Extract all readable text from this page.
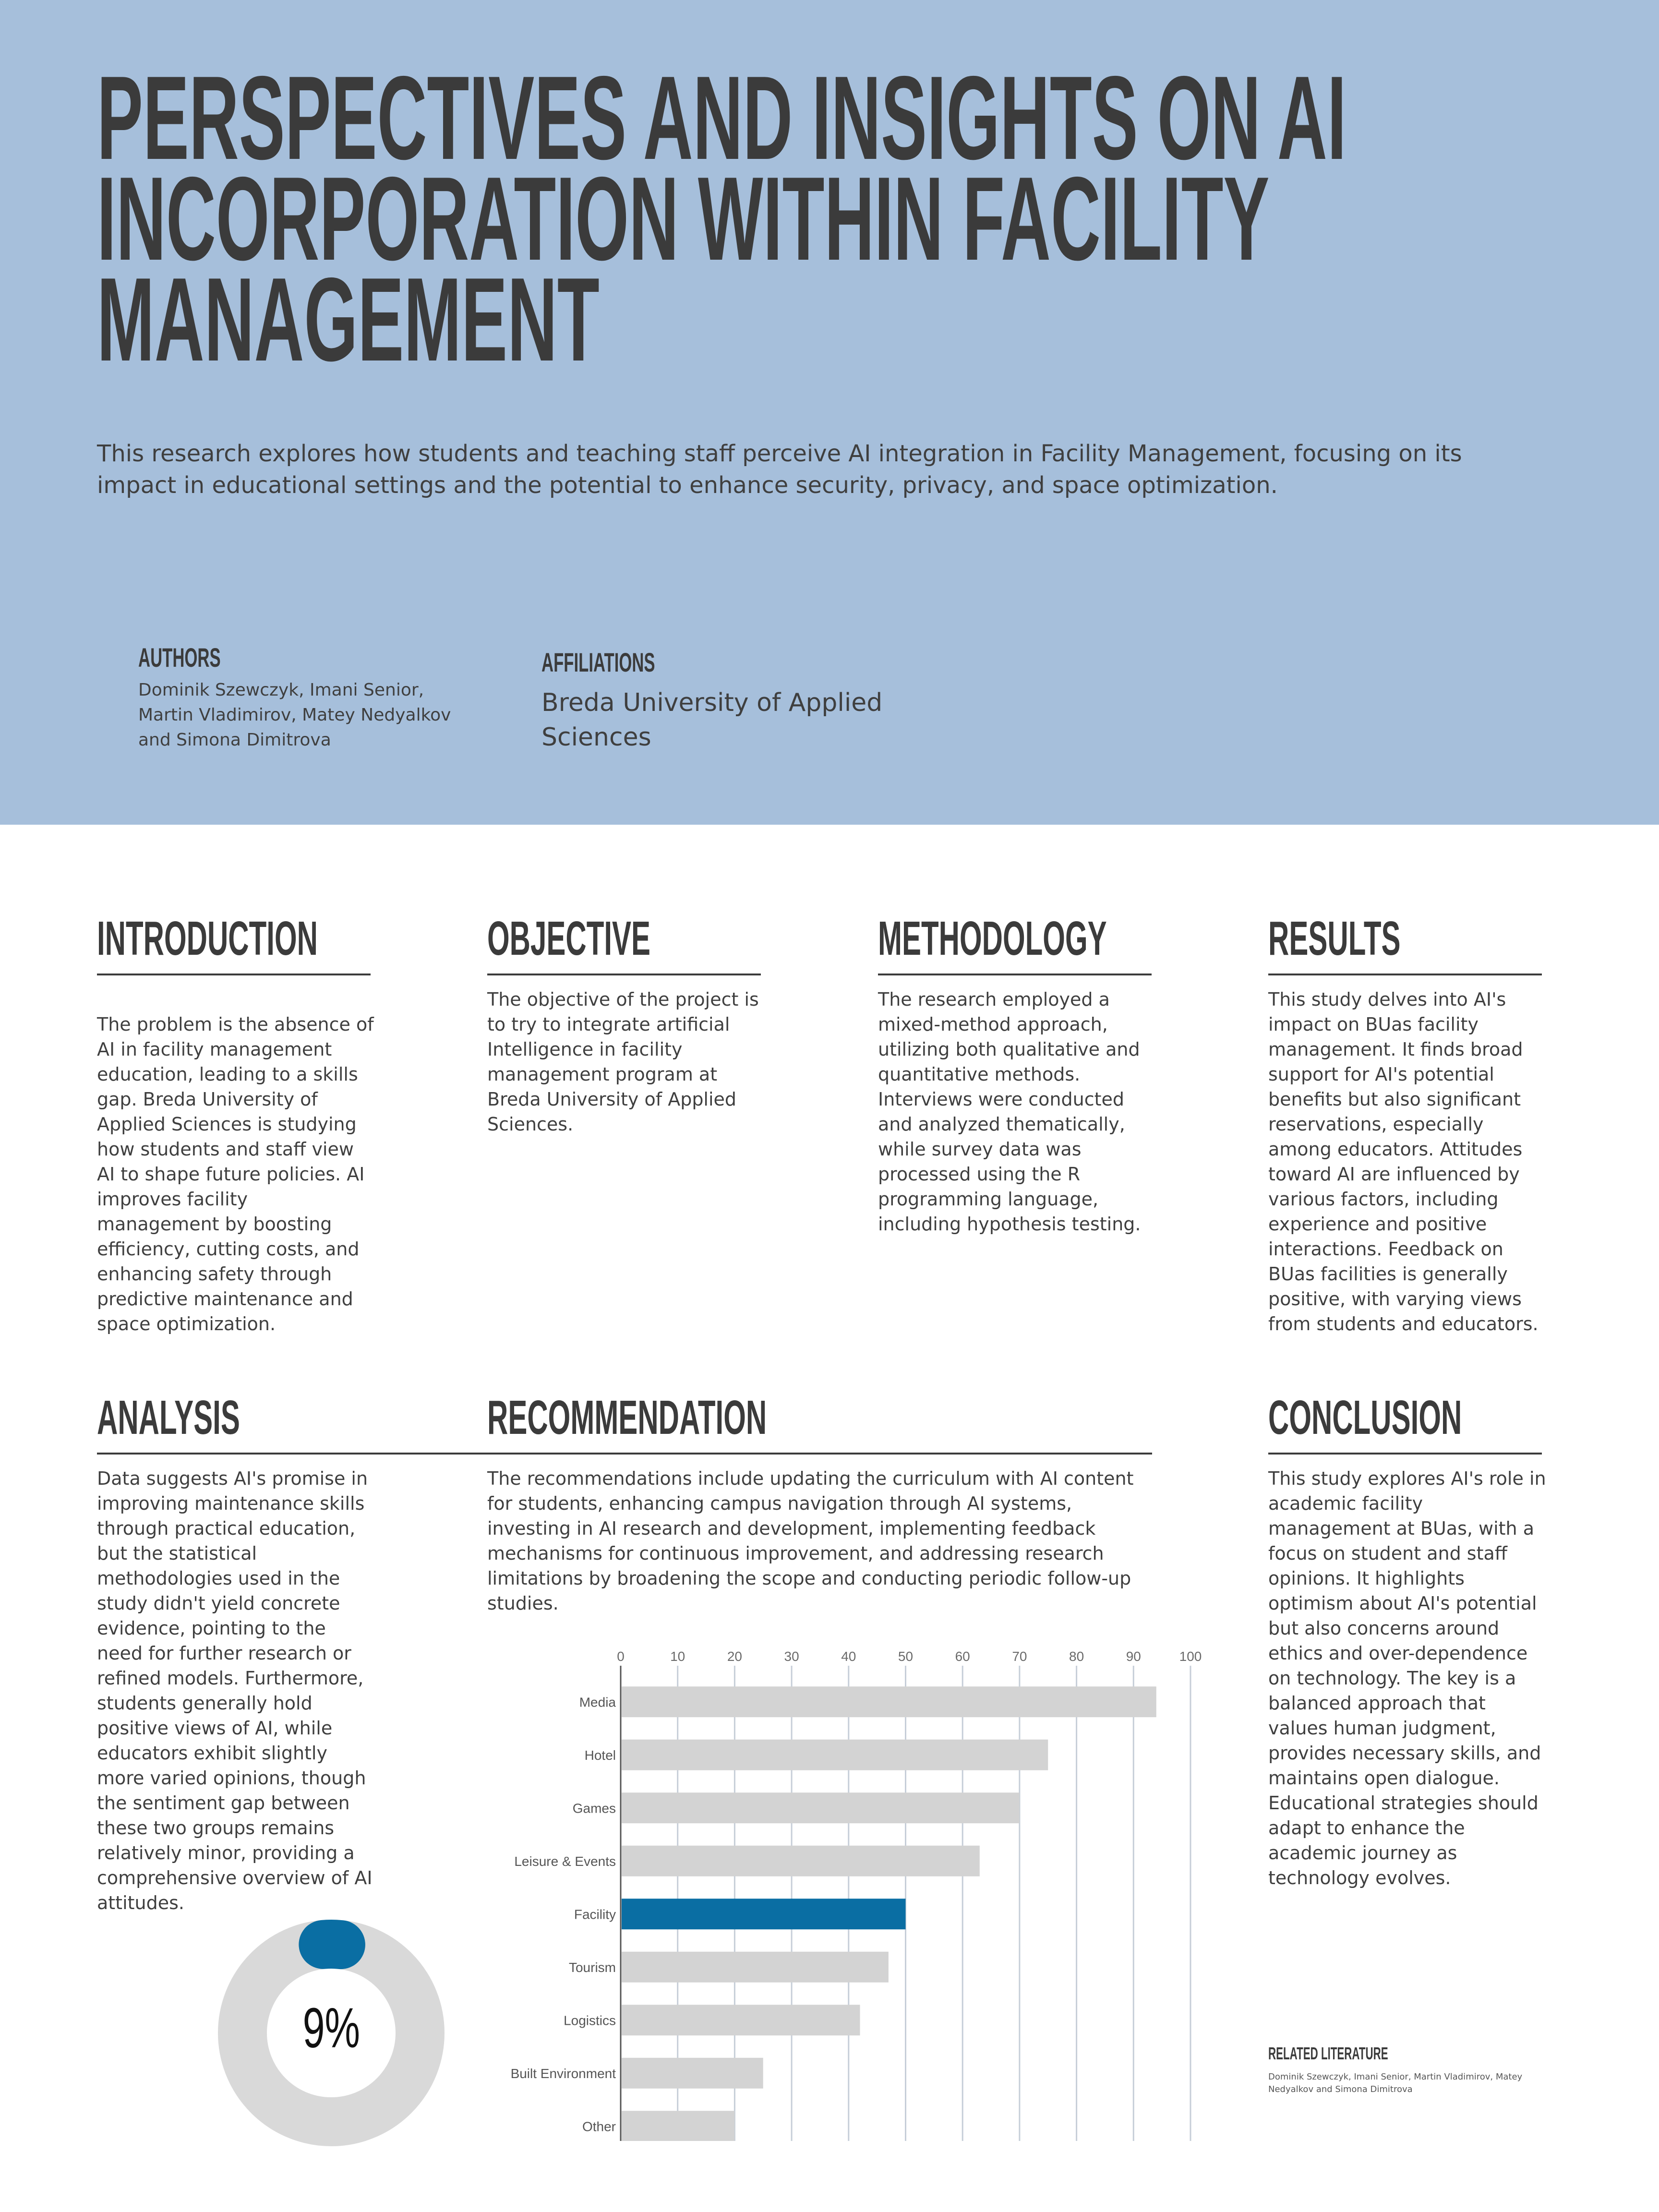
PERSPECTIVES AND INSIGHTS ON AI
INCORPORATION WITHIN FACILITY
MANAGEMENT
This research explores how students and teaching staff perceive AI integration in Facility Management, focusing on its impact in educational settings and the potential to enhance security, privacy, and space optimization.
AUTHORS
Dominik Szewczyk, Imani Senior, Martin Vladimirov, Matey Nedyalkov and Simona Dimitrova
AFFILIATIONS
Breda University of Applied Sciences
INTRODUCTION
The problem is the absence of AI in facility management education, leading to a skills gap. Breda University of Applied Sciences is studying how students and staff view AI to shape future policies. AI improves facility management by boosting efficiency, cutting costs, and enhancing safety through predictive maintenance and space optimization.
OBJECTIVE
The objective of the project is to try to integrate artificial Intelligence in facility management program at Breda University of Applied Sciences.
METHODOLOGY
The research employed a mixed-method approach, utilizing both qualitative and quantitative methods. Interviews were conducted and analyzed thematically, while survey data was processed using the R programming language, including hypothesis testing.
RESULTS
This study delves into AI's impact on BUas facility management. It finds broad support for AI's potential benefits but also significant reservations, especially among educators. Attitudes toward AI are influenced by various factors, including experience and positive interactions. Feedback on BUas facilities is generally positive, with varying views from students and educators.
ANALYSIS
Data suggests AI's promise in improving maintenance skills through practical education, but the statistical methodologies used in the study didn't yield concrete evidence, pointing to the need for further research or refined models. Furthermore, students generally hold positive views of AI, while educators exhibit slightly more varied opinions, though the sentiment gap between these two groups remains relatively minor, providing a comprehensive overview of AI attitudes.
RECOMMENDATION
The recommendations include updating the curriculum with AI content for students, enhancing campus navigation through AI systems, investing in AI research and development, implementing feedback mechanisms for continuous improvement, and addressing research limitations by broadening the scope and conducting periodic follow-up studies.
CONCLUSION
This study explores AI's role in academic facility management at BUas, with a focus on student and staff opinions. It highlights optimism about AI's potential but also concerns around ethics and over-dependence on technology. The key is a balanced approach that values human judgment, provides necessary skills, and maintains open dialogue. Educational strategies should adapt to enhance the academic journey as technology evolves.
9%
0	10	20	30	40	50	60	70	80	90	100
Media
Hotel
Games
Leisure & Events
Facility
Tourism
Logistics
Built Environment
Other
RELATED LITERATURE
Dominik Szewczyk, Imani Senior, Martin Vladimirov, Matey Nedyalkov and Simona Dimitrova
